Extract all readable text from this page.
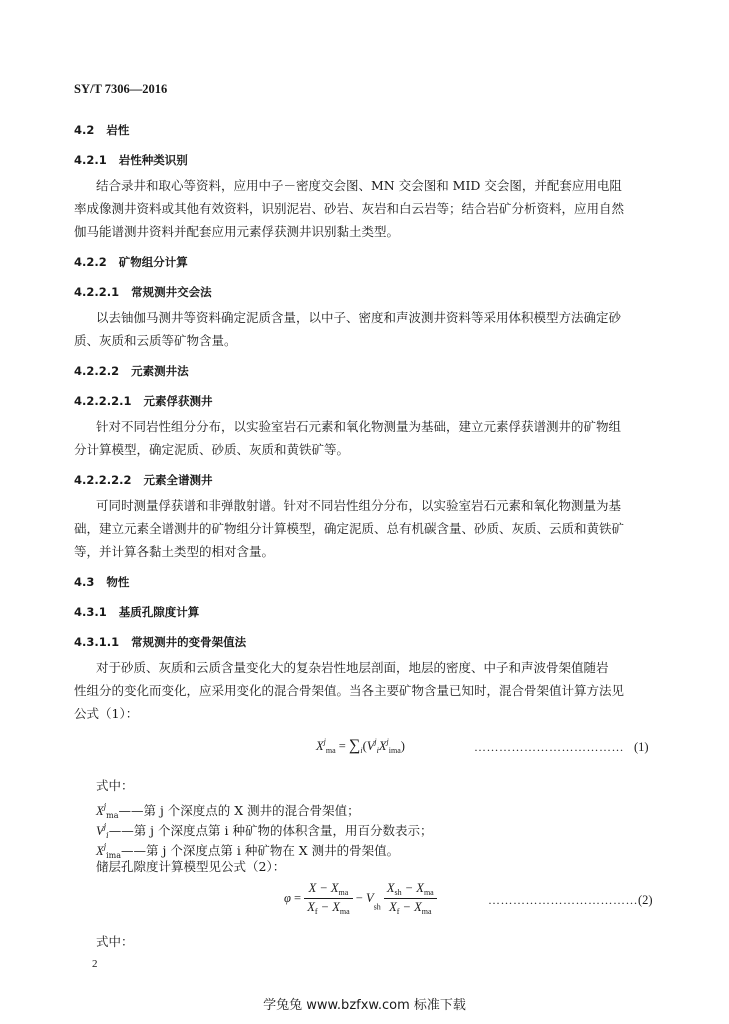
SY/T 7306—2016
4.2 岩性
4.2.1 岩性种类识别
结合录井和取心等资料，应用中子－密度交会图、MN 交会图和 MID 交会图，并配套应用电阻
率成像测井资料或其他有效资料，识别泥岩、砂岩、灰岩和白云岩等；结合岩矿分析资料，应用自然
伽马能谱测井资料并配套应用元素俘获测井识别黏土类型。
4.2.2 矿物组分计算
4.2.2.1 常规测井交会法
以去铀伽马测井等资料确定泥质含量，以中子、密度和声波测井资料等采用体积模型方法确定砂
质、灰质和云质等矿物含量。
4.2.2.2 元素测井法
4.2.2.2.1 元素俘获测井
针对不同岩性组分分布，以实验室岩石元素和氧化物测量为基础，建立元素俘获谱测井的矿物组
分计算模型，确定泥质、砂质、灰质和黄铁矿等。
4.2.2.2.2 元素全谱测井
可同时测量俘获谱和非弹散射谱。针对不同岩性组分分布，以实验室岩石元素和氧化物测量为基
础，建立元素全谱测井的矿物组分计算模型，确定泥质、总有机碳含量、砂质、灰质、云质和黄铁矿
等，并计算各黏土类型的相对含量。
4.3 物性
4.3.1 基质孔隙度计算
4.3.1.1 常规测井的变骨架值法
对于砂质、灰质和云质含量变化大的复杂岩性地层剖面，地层的密度、中子和声波骨架值随岩
性组分的变化而变化，应采用变化的混合骨架值。当各主要矿物含量已知时，混合骨架值计算方法见
公式（1）：
$X^j_{ma} = \sum_i(V^j_iX^j_{ima})$	……………………………… (1)
式中：
$X^j_{ma}——$第 j 个深度点的 X 测井的混合骨架值；
$V^j_i——$第 j 个深度点第 i 种矿物的体积含量，用百分数表示；
$X^j_{ima}——$第 j 个深度点第 i 种矿物在 X 测井的骨架值。
储层孔隙度计算模型见公式（2）：
$\varphi = \frac{X - X_{ma}}{X_f - X_{ma}} - V_{sh} \frac{X_{sh} - X_{ma}}{X_f - X_{ma}}$	……………………………… (2)
式中：
2
学兔兔 www.bzfxw.com 标准下载
